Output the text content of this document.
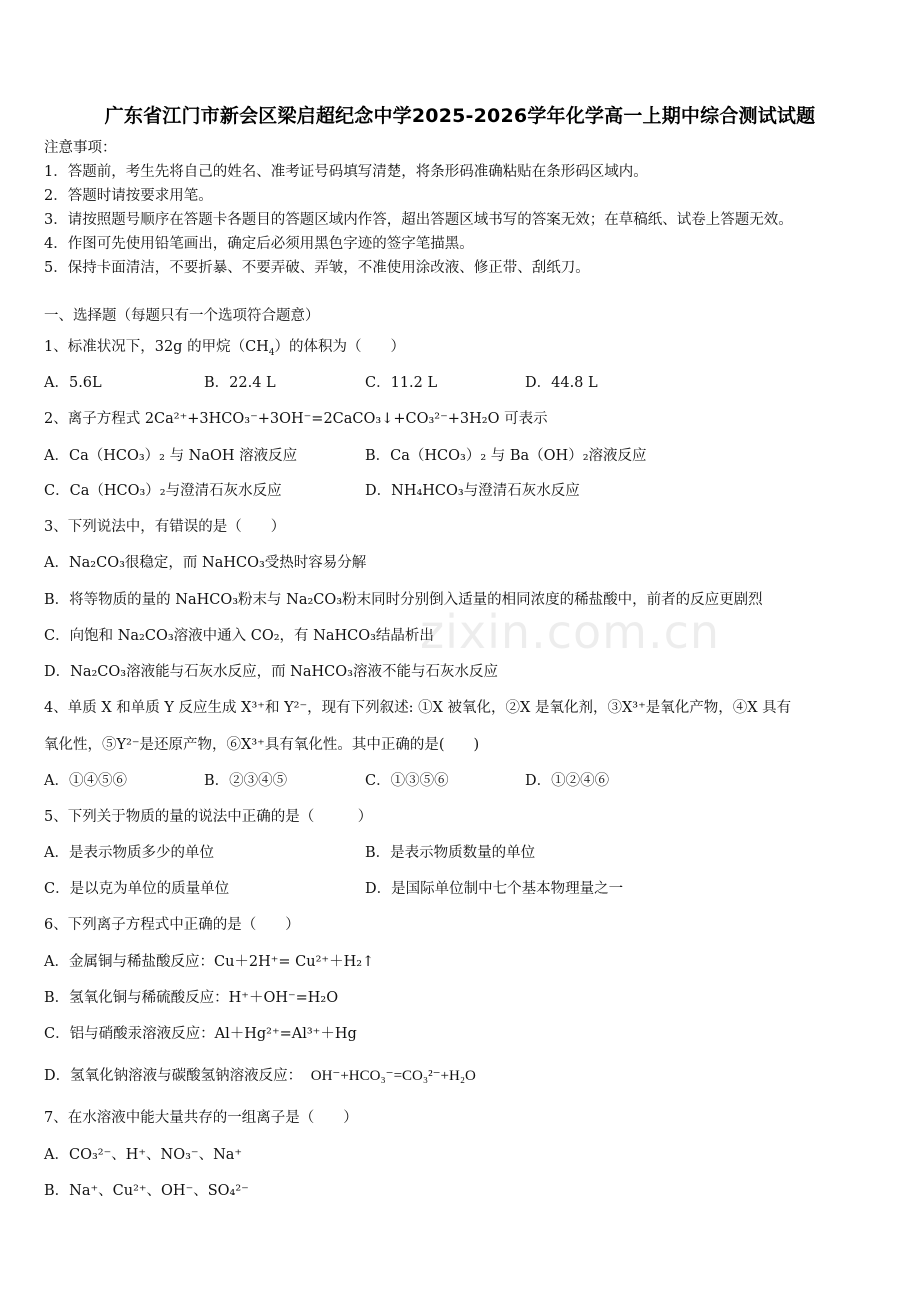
广东省江门市新会区梁启超纪念中学2025-2026学年化学高一上期中综合测试试题
注意事项：
1．答题前，考生先将自己的姓名、准考证号码填写清楚，将条形码准确粘贴在条形码区域内。
2．答题时请按要求用笔。
3．请按照题号顺序在答题卡各题目的答题区域内作答，超出答题区域书写的答案无效；在草稿纸、试卷上答题无效。
4．作图可先使用铅笔画出，确定后必须用黑色字迹的签字笔描黑。
5．保持卡面清洁，不要折暴、不要弄破、弄皱，不准使用涂改液、修正带、刮纸刀。
一、选择题（每题只有一个选项符合题意）
1、标准状况下，32g 的甲烷$(CH_4)$的体积为（　　）
A．5.6L	B．22.4 L	C．11.2 L	D．44.8 L
2、离子方程式 2Ca²⁺+3HCO₃⁻+3OH⁻=2CaCO₃↓+CO₃²⁻+3H₂O 可表示
A．Ca（HCO₃）₂ 与 NaOH 溶液反应	B．Ca（HCO₃）₂ 与 Ba（OH）₂溶液反应
C．Ca（HCO₃）₂与澄清石灰水反应	D．NH₄HCO₃与澄清石灰水反应
3、下列说法中，有错误的是（　　）
A．Na₂CO₃很稳定，而 NaHCO₃受热时容易分解
B．将等物质的量的 NaHCO₃粉末与 Na₂CO₃粉末同时分别倒入适量的相同浓度的稀盐酸中，前者的反应更剧烈
C．向饱和 Na₂CO₃溶液中通入 CO₂，有 NaHCO₃结晶析出
D．Na₂CO₃溶液能与石灰水反应，而 NaHCO₃溶液不能与石灰水反应
4、单质 X 和单质 Y 反应生成 X³⁺和 Y²⁻，现有下列叙述: ①X 被氧化，②X 是氧化剂，③X³⁺是氧化产物，④X 具有
氧化性，⑤Y²⁻是还原产物，⑥X³⁺具有氧化性。其中正确的是(　　)
A．①④⑤⑥	B．②③④⑤	C．①③⑤⑥	D．①②④⑥
5、下列关于物质的量的说法中正确的是（　　　）
A．是表示物质多少的单位	B．是表示物质数量的单位
C．是以克为单位的质量单位	D．是国际单位制中七个基本物理量之一
6、下列离子方程式中正确的是（　　）
A．金属铜与稀盐酸反应：Cu＋2H⁺= Cu²⁺＋H₂↑
B．氢氧化铜与稀硫酸反应：H⁺＋OH⁻=H₂O
C．铝与硝酸汞溶液反应：Al＋Hg²⁺=Al³⁺＋Hg
D．氢氧化钠溶液与碳酸氢钠溶液反应： OH⁻+HCO₃⁻=CO₃²⁻+H₂O
7、在水溶液中能大量共存的一组离子是（　　）
A．CO₃²⁻、H⁺、NO₃⁻、Na⁺
B．Na⁺、Cu²⁺、OH⁻、SO₄²⁻
zixin.com.cn
